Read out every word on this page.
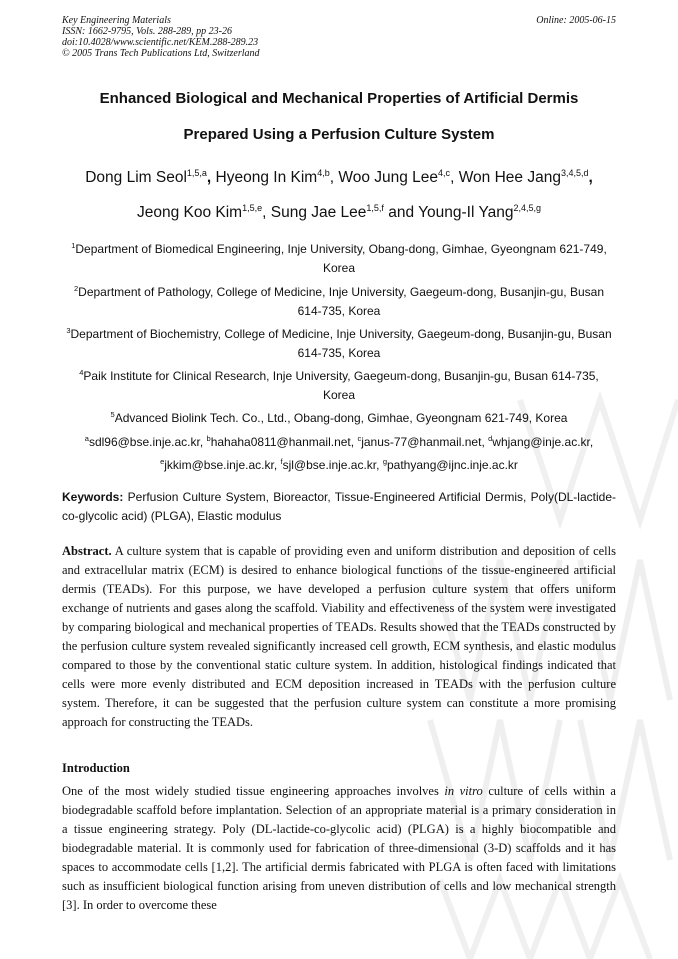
Key Engineering Materials
ISSN: 1662-9795, Vols. 288-289, pp 23-26
doi:10.4028/www.scientific.net/KEM.288-289.23
© 2005 Trans Tech Publications Ltd, Switzerland
Online: 2005-06-15
Enhanced Biological and Mechanical Properties of Artificial Dermis
Prepared Using a Perfusion Culture System
Dong Lim Seol$^{1,5,a}$, Hyeong In Kim$^{4,b}$, Woo Jung Lee$^{4,c}$, Won Hee Jang$^{3,4,5,d}$,
Jeong Koo Kim$^{1,5,e}$, Sung Jae Lee$^{1,5,f}$ and Young-Il Yang$^{2,4,5,g}$
$^1$Department of Biomedical Engineering, Inje University, Obang-dong, Gimhae, Gyeongnam 621-749, Korea
$^2$Department of Pathology, College of Medicine, Inje University, Gaegeum-dong, Busanjin-gu, Busan 614-735, Korea
$^3$Department of Biochemistry, College of Medicine, Inje University, Gaegeum-dong, Busanjin-gu, Busan 614-735, Korea
$^4$Paik Institute for Clinical Research, Inje University, Gaegeum-dong, Busanjin-gu, Busan 614-735, Korea
$^5$Advanced Biolink Tech. Co., Ltd., Obang-dong, Gimhae, Gyeongnam 621-749, Korea
$^a$sdl96@bse.inje.ac.kr, $^b$hahaha0811@hanmail.net, $^c$janus-77@hanmail.net, $^d$whjang@inje.ac.kr,
$^e$jkkim@bse.inje.ac.kr, $^f$sjl@bse.inje.ac.kr, $^g$pathyang@ijnc.inje.ac.kr
Keywords: Perfusion Culture System, Bioreactor, Tissue-Engineered Artificial Dermis, Poly(DL-lactide-co-glycolic acid) (PLGA), Elastic modulus
Abstract. A culture system that is capable of providing even and uniform distribution and deposition of cells and extracellular matrix (ECM) is desired to enhance biological functions of the tissue-engineered artificial dermis (TEADs). For this purpose, we have developed a perfusion culture system that offers uniform exchange of nutrients and gases along the scaffold. Viability and effectiveness of the system were investigated by comparing biological and mechanical properties of TEADs. Results showed that the TEADs constructed by the perfusion culture system revealed significantly increased cell growth, ECM synthesis, and elastic modulus compared to those by the conventional static culture system. In addition, histological findings indicated that cells were more evenly distributed and ECM deposition increased in TEADs with the perfusion culture system. Therefore, it can be suggested that the perfusion culture system can constitute a more promising approach for constructing the TEADs.
Introduction
One of the most widely studied tissue engineering approaches involves in vitro culture of cells within a biodegradable scaffold before implantation. Selection of an appropriate material is a primary consideration in a tissue engineering strategy. Poly (DL-lactide-co-glycolic acid) (PLGA) is a highly biocompatible and biodegradable material. It is commonly used for fabrication of three-dimensional (3-D) scaffolds and it has spaces to accommodate cells [1,2]. The artificial dermis fabricated with PLGA is often faced with limitations such as insufficient biological function arising from uneven distribution of cells and low mechanical strength [3]. In order to overcome these
